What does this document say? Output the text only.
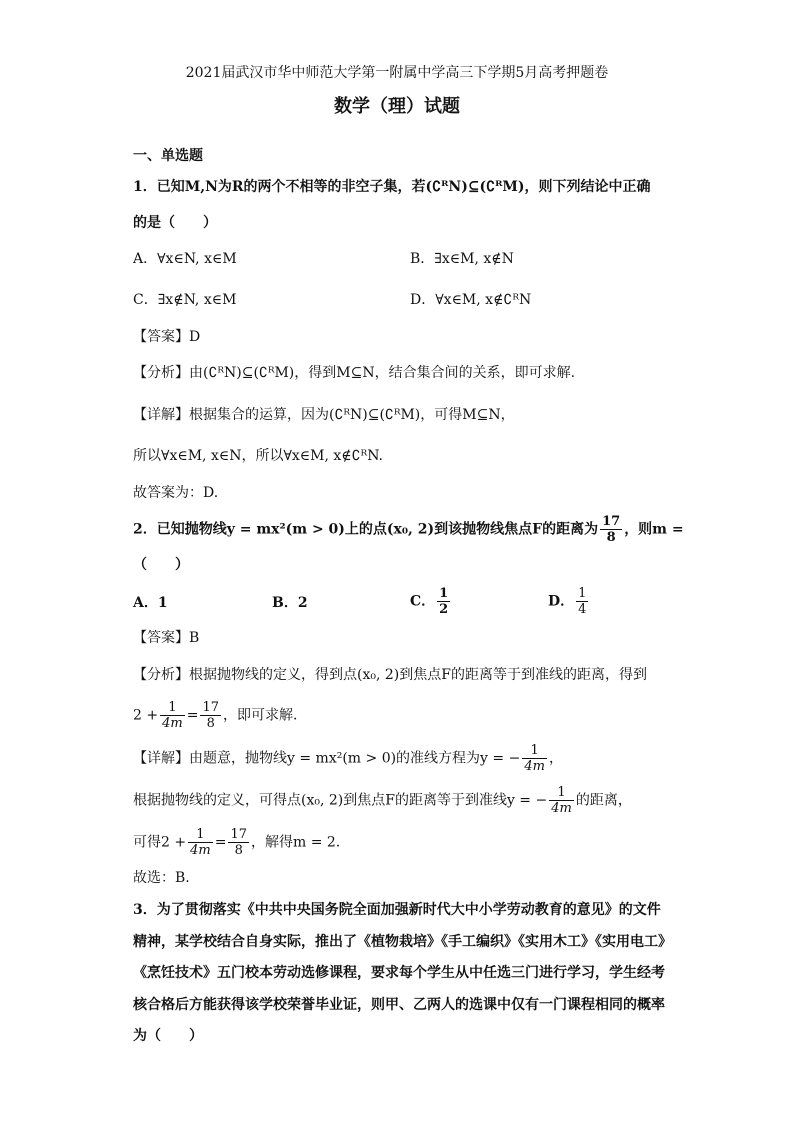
2021届武汉市华中师范大学第一附属中学高三下学期5月高考押题卷
数学（理）试题
一、单选题
1．已知M,N为R的两个不相等的非空子集，若(∁ᴿN)⊆(∁ᴿM)，则下列结论中正确
的是（　　）
A．∀x∈N, x∈M	B．∃x∈M, x∉N
C．∃x∉N, x∈M	D．∀x∈M, x∉∁ᴿN
【答案】D
【分析】由(∁ᴿN)⊆(∁ᴿM)，得到M⊆N，结合集合间的关系，即可求解.
【详解】根据集合的运算，因为(∁ᴿN)⊆(∁ᴿM)，可得M⊆N，
所以∀x∈M, x∈N，所以∀x∈M, x∉∁ᴿN.
故答案为：D.
2．已知抛物线y = mx²(m > 0)上的点(x₀, 2)到该抛物线焦点F的距离为 $\frac{17}{8}$ ，则m =
（　　）
A．1	B．2	C． $\frac{1}{2}$	D． $\frac{1}{4}$
【答案】B
【分析】根据抛物线的定义，得到点(x₀, 2)到焦点F的距离等于到准线的距离，得到
$2 + \frac{1}{4m} = \frac{17}{8}$ ，即可求解.
【详解】由题意，抛物线y = mx²(m > 0)的准线方程为y = − $\frac{1}{4m}$ ，
根据抛物线的定义，可得点(x₀, 2)到焦点F的距离等于到准线y = − $\frac{1}{4m}$ 的距离，
可得$2 + \frac{1}{4m} = \frac{17}{8}$ ，解得m = 2.
故选：B.
3．为了贯彻落实《中共中央国务院全面加强新时代大中小学劳动教育的意见》的文件
精神，某学校结合自身实际，推出了《植物栽培》《手工编织》《实用木工》《实用电工》
《烹饪技术》五门校本劳动选修课程，要求每个学生从中任选三门进行学习，学生经考
核合格后方能获得该学校荣誉毕业证，则甲、乙两人的选课中仅有一门课程相同的概率
为（　　）
